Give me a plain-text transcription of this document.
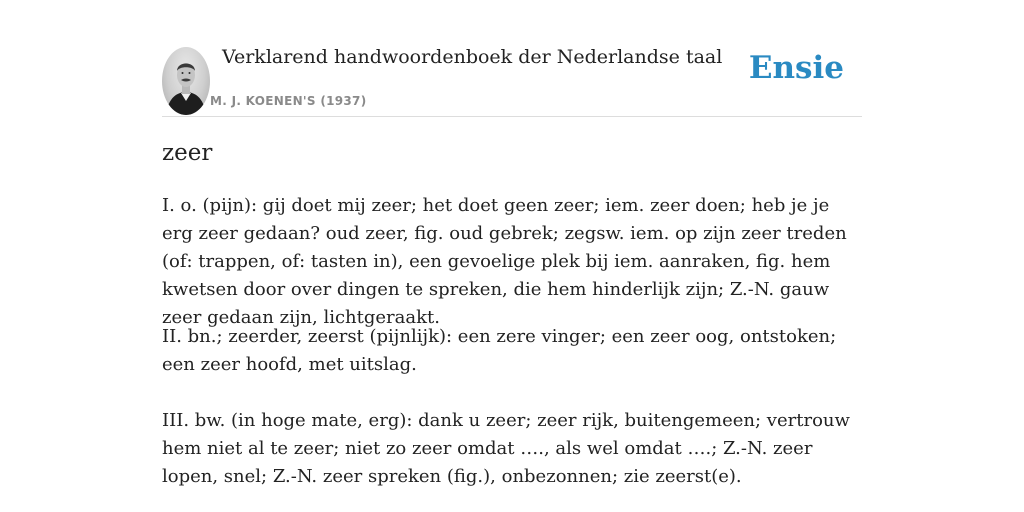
Verklarend handwoordenboek der Nederlandse taal
M. J. KOENEN'S (1937)
Ensie
zeer

I. o. (pijn): gij doet mij zeer; het doet geen zeer; iem. zeer doen; heb je je erg zeer gedaan? oud zeer, fig. oud gebrek; zegsw. iem. op zijn zeer treden (of: trappen, of: tasten in), een gevoelige plek bij iem. aanraken, fig. hem kwetsen door over dingen te spreken, die hem hinderlijk zijn; Z.-N. gauw zeer gedaan zijn, lichtgeraakt.

II. bn.; zeerder, zeerst (pijnlijk): een zere vinger; een zeer oog, ontstoken; een zeer hoofd, met uitslag.

III. bw. (in hoge mate, erg): dank u zeer; zeer rijk, buitengemeen; vertrouw hem niet al te zeer; niet zo zeer omdat …., als wel omdat ….; Z.-N. zeer lopen, snel; Z.-N. zeer spreken (fig.), onbezonnen; zie zeerst(e).
